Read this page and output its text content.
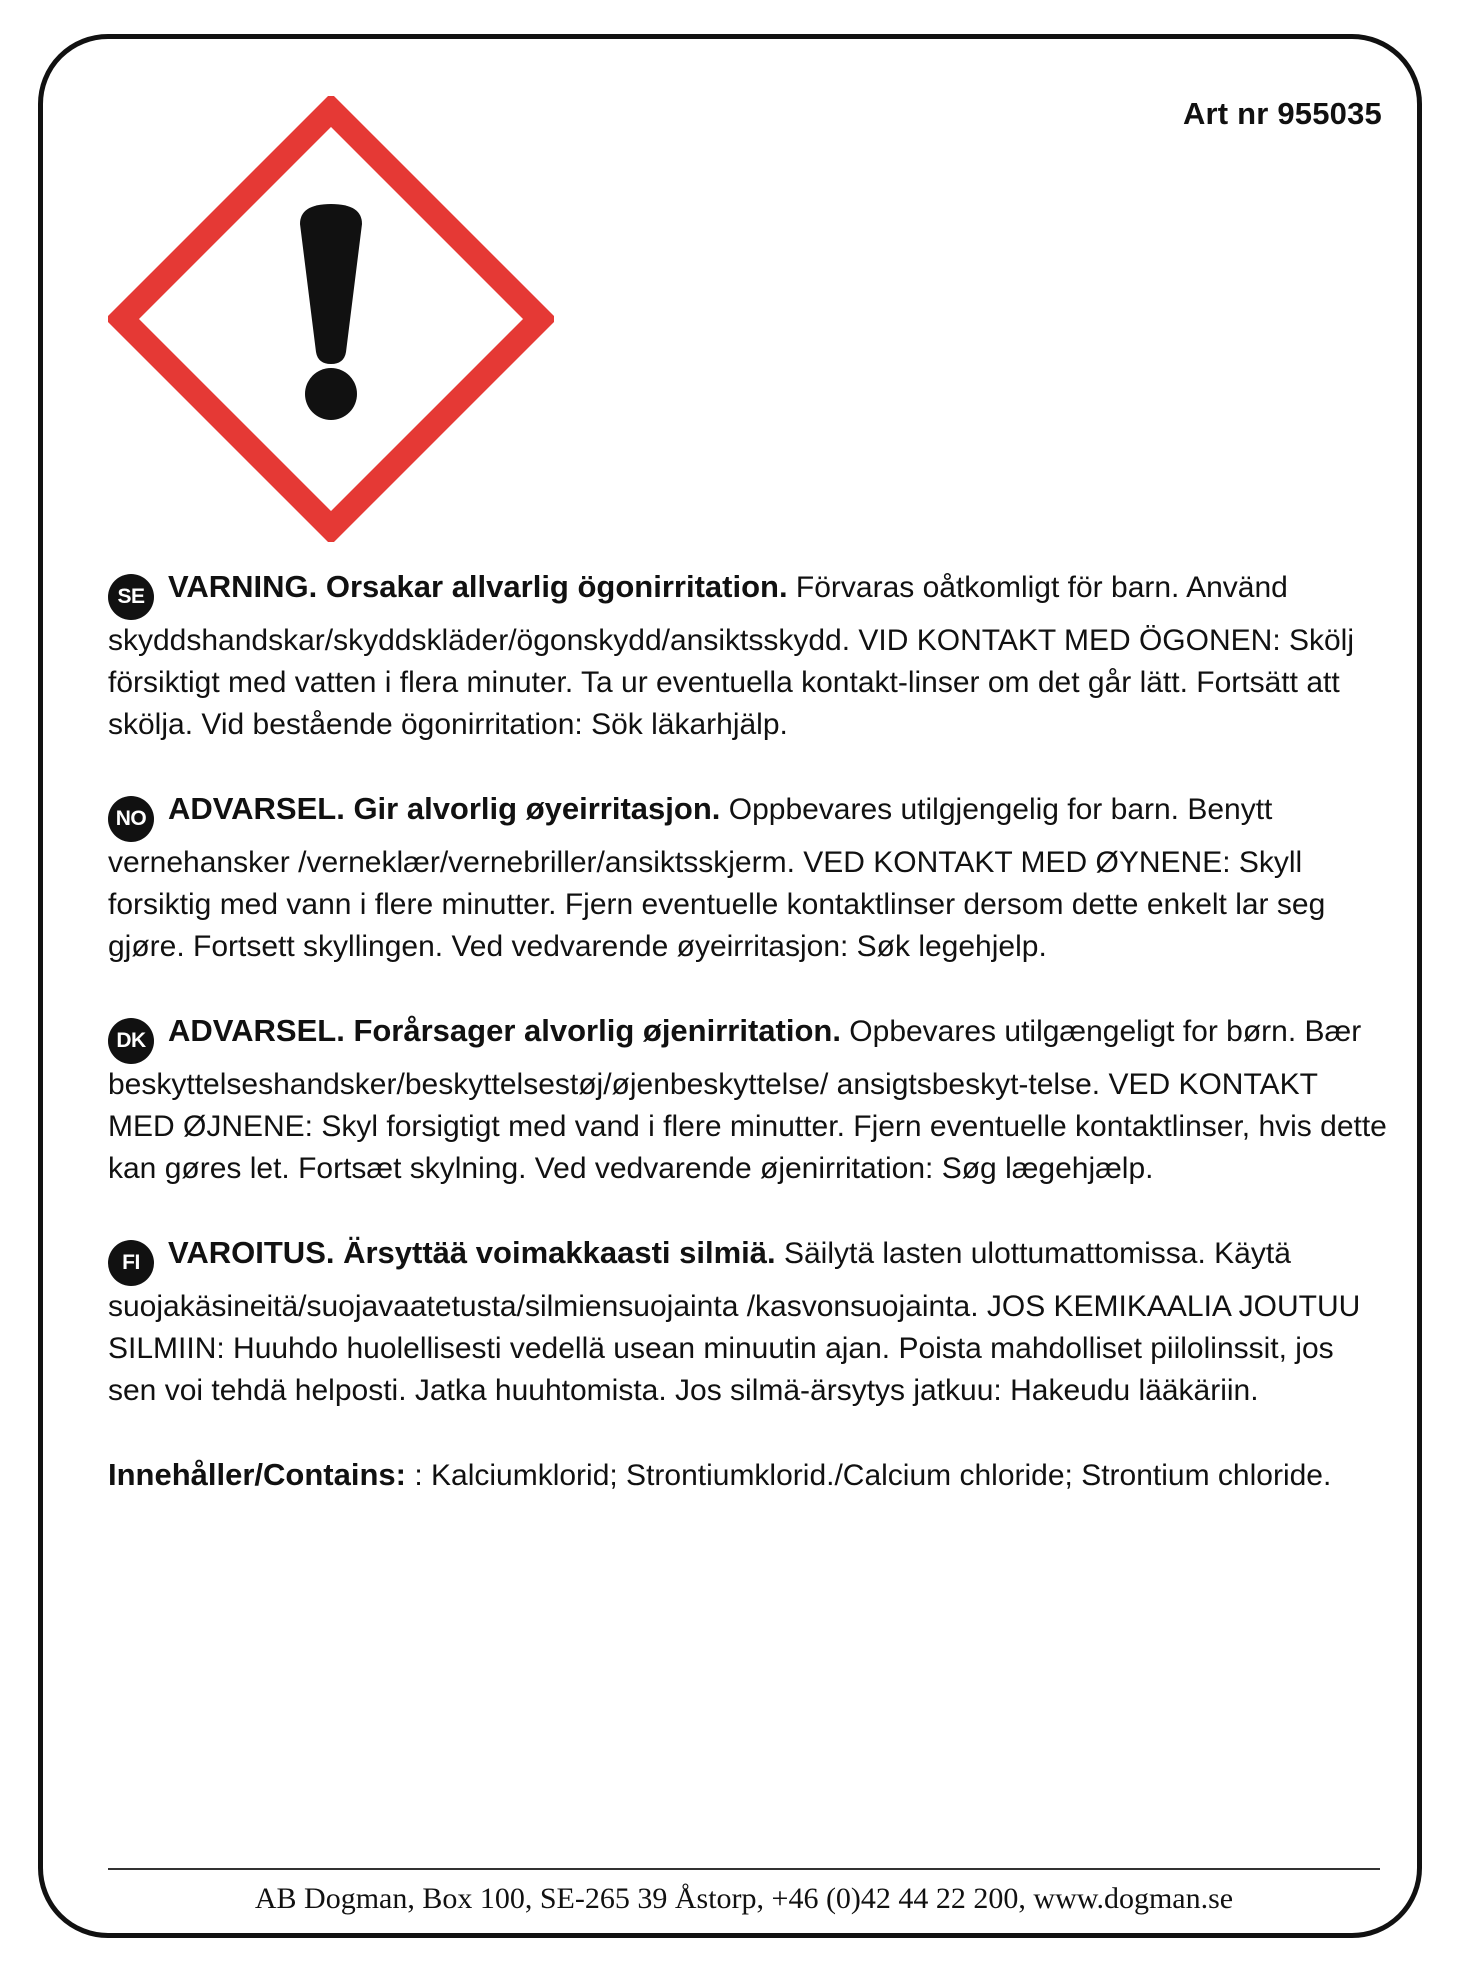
Art nr 955035
SE VARNING. Orsakar allvarlig ögonirritation. Förvaras oåtkomligt för barn. Använd skyddshandskar/skyddskläder/ögonskydd/ansiktsskydd. VID KONTAKT MED ÖGONEN: Skölj försiktigt med vatten i flera minuter. Ta ur eventuella kontakt-linser om det går lätt. Fortsätt att skölja. Vid bestående ögonirritation: Sök läkarhjälp.
NO ADVARSEL. Gir alvorlig øyeirritasjon. Oppbevares utilgjengelig for barn. Benytt vernehansker /verneklær/vernebriller/ansiktsskjerm. VED KONTAKT MED ØYNENE: Skyll forsiktig med vann i flere minutter. Fjern eventuelle kontaktlinser dersom dette enkelt lar seg gjøre. Fortsett skyllingen. Ved vedvarende øyeirritasjon: Søk legehjelp.
DK ADVARSEL. Forårsager alvorlig øjenirritation. Opbevares utilgængeligt for børn. Bær beskyttelseshandsker/beskyttelsestøj/øjenbeskyttelse/ ansigtsbeskyt-telse. VED KONTAKT MED ØJNENE: Skyl forsigtigt med vand i flere minutter. Fjern eventuelle kontaktlinser, hvis dette kan gøres let. Fortsæt skylning. Ved vedvarende øjenirritation: Søg lægehjælp.
FI VAROITUS. Ärsyttää voimakkaasti silmiä. Säilytä lasten ulottumattomissa. Käytä suojakäsineitä/suojavaatetusta/silmiensuojainta /kasvonsuojainta. JOS KEMIKAALIA JOUTUU SILMIIN: Huuhdo huolellisesti vedellä usean minuutin ajan. Poista mahdolliset piilolinssit, jos sen voi tehdä helposti. Jatka huuhtomista. Jos silmä-ärsytys jatkuu: Hakeudu lääkäriin.
Innehåller/Contains: : Kalciumklorid; Strontiumklorid./Calcium chloride; Strontium chloride.
AB Dogman, Box 100, SE-265 39 Åstorp, +46 (0)42 44 22 200, www.dogman.se
